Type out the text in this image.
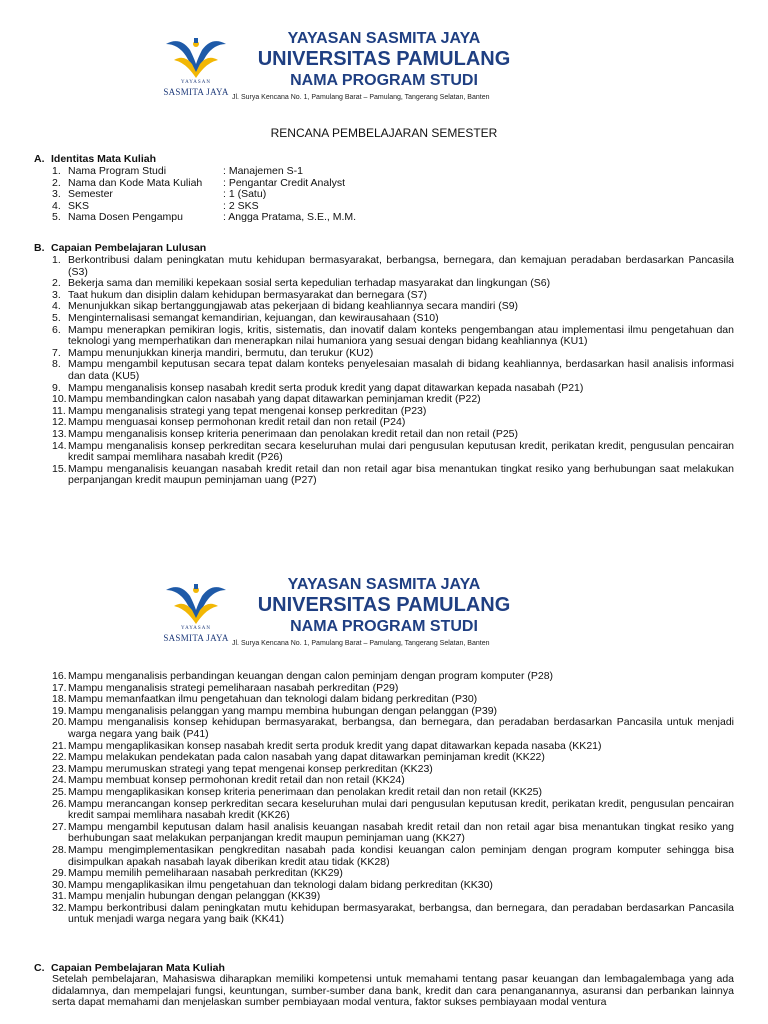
YAYASAN
SASMITA JAYA
YAYASAN SASMITA JAYA
UNIVERSITAS PAMULANG
NAMA PROGRAM STUDI
Jl. Surya Kencana No. 1, Pamulang Barat – Pamulang, Tangerang Selatan, Banten
RENCANA PEMBELAJARAN SEMESTER
A. Identitas Mata Kuliah
1. Nama Program Studi	: Manajemen S-1
2. Nama dan Kode Mata Kuliah	: Pengantar Credit Analyst
3. Semester	: 1 (Satu)
4. SKS	: 2 SKS
5. Nama Dosen Pengampu	: Angga Pratama, S.E., M.M.
B. Capaian Pembelajaran Lulusan
1. Berkontribusi dalam peningkatan mutu kehidupan bermasyarakat, berbangsa, bernegara, dan kemajuan peradaban berdasarkan Pancasila (S3)
2. Bekerja sama dan memiliki kepekaan sosial serta kepedulian terhadap masyarakat dan lingkungan (S6)
3. Taat hukum dan disiplin dalam kehidupan bermasyarakat dan bernegara (S7)
4. Menunjukkan sikap bertanggungjawab atas pekerjaan di bidang keahliannya secara mandiri (S9)
5. Menginternalisasi semangat kemandirian, kejuangan, dan kewirausahaan (S10)
6. Mampu menerapkan pemikiran logis, kritis, sistematis, dan inovatif dalam konteks pengembangan atau implementasi ilmu pengetahuan dan teknologi yang memperhatikan dan menerapkan nilai humaniora yang sesuai dengan bidang keahliannya (KU1)
7. Mampu menunjukkan kinerja mandiri, bermutu, dan terukur (KU2)
8. Mampu mengambil keputusan secara tepat dalam konteks penyelesaian masalah di bidang keahliannya, berdasarkan hasil analisis informasi dan data (KU5)
9. Mampu menganalisis konsep nasabah kredit serta produk kredit yang dapat ditawarkan kepada nasabah (P21)
10. Mampu membandingkan calon nasabah yang dapat ditawarkan peminjaman kredit (P22)
11. Mampu menganalisis strategi yang tepat mengenai konsep perkreditan (P23)
12. Mampu menguasai konsep permohonan kredit retail dan non retail (P24)
13. Mampu menganalisis konsep kriteria penerimaan dan penolakan kredit retail dan non retail (P25)
14. Mampu menganalisis konsep perkreditan secara keseluruhan mulai dari pengusulan keputusan kredit, perikatan kredit, pengusulan pencairan kredit sampai memlihara nasabah kredit (P26)
15. Mampu menganalisis keuangan nasabah kredit retail dan non retail agar bisa menantukan tingkat resiko yang berhubungan saat melakukan perpanjangan kredit maupun peminjaman uang (P27)
YAYASAN
SASMITA JAYA
YAYASAN SASMITA JAYA
UNIVERSITAS PAMULANG
NAMA PROGRAM STUDI
Jl. Surya Kencana No. 1, Pamulang Barat – Pamulang, Tangerang Selatan, Banten
16. Mampu menganalisis perbandingan keuangan dengan calon peminjam dengan program komputer (P28)
17. Mampu menganalisis strategi pemeliharaan nasabah perkreditan (P29)
18. Mampu memanfaatkan ilmu pengetahuan dan teknologi dalam bidang perkreditan (P30)
19. Mampu menganalisis pelanggan yang mampu membina hubungan dengan pelanggan (P39)
20. Mampu menganalisis konsep kehidupan bermasyarakat, berbangsa, dan bernegara, dan peradaban berdasarkan Pancasila untuk menjadi warga negara yang baik (P41)
21. Mampu mengaplikasikan konsep nasabah kredit serta produk kredit yang dapat ditawarkan kepada nasaba (KK21)
22. Mampu melakukan pendekatan pada calon nasabah yang dapat ditawarkan peminjaman kredit (KK22)
23. Mampu merumuskan strategi yang tepat mengenai konsep perkreditan (KK23)
24. Mampu membuat konsep permohonan kredit retail dan non retail (KK24)
25. Mampu mengaplikasikan konsep kriteria penerimaan dan penolakan kredit retail dan non retail (KK25)
26. Mampu merancangan konsep perkreditan secara keseluruhan mulai dari pengusulan keputusan kredit, perikatan kredit, pengusulan pencairan kredit sampai memlihara nasabah kredit (KK26)
27. Mampu mengambil keputusan dalam hasil analisis keuangan nasabah kredit retail dan non retail agar bisa menantukan tingkat resiko yang berhubungan saat melakukan perpanjangan kredit maupun peminjaman uang (KK27)
28. Mampu mengimplementasikan pengkreditan nasabah pada kondisi keuangan calon peminjam dengan program komputer sehingga bisa disimpulkan apakah nasabah layak diberikan kredit atau tidak (KK28)
29. Mampu memilih pemeliharaan nasabah perkreditan (KK29)
30. Mampu mengaplikasikan ilmu pengetahuan dan teknologi dalam bidang perkreditan (KK30)
31. Mampu menjalin hubungan dengan pelanggan (KK39)
32. Mampu berkontribusi dalam peningkatan mutu kehidupan bermasyarakat, berbangsa, dan bernegara, dan peradaban berdasarkan Pancasila untuk menjadi warga negara yang baik (KK41)
C. Capaian Pembelajaran Mata Kuliah
Setelah pembelajaran, Mahasiswa diharapkan memiliki kompetensi untuk memahami tentang pasar keuangan dan lembagalembaga yang ada didalamnya, dan mempelajari fungsi, keuntungan, sumber-sumber dana bank, kredit dan cara penanganannya, asuransi dan perbankan lainnya serta dapat memahami dan menjelaskan sumber pembiayaan modal ventura, faktor sukses pembiayaan modal ventura
